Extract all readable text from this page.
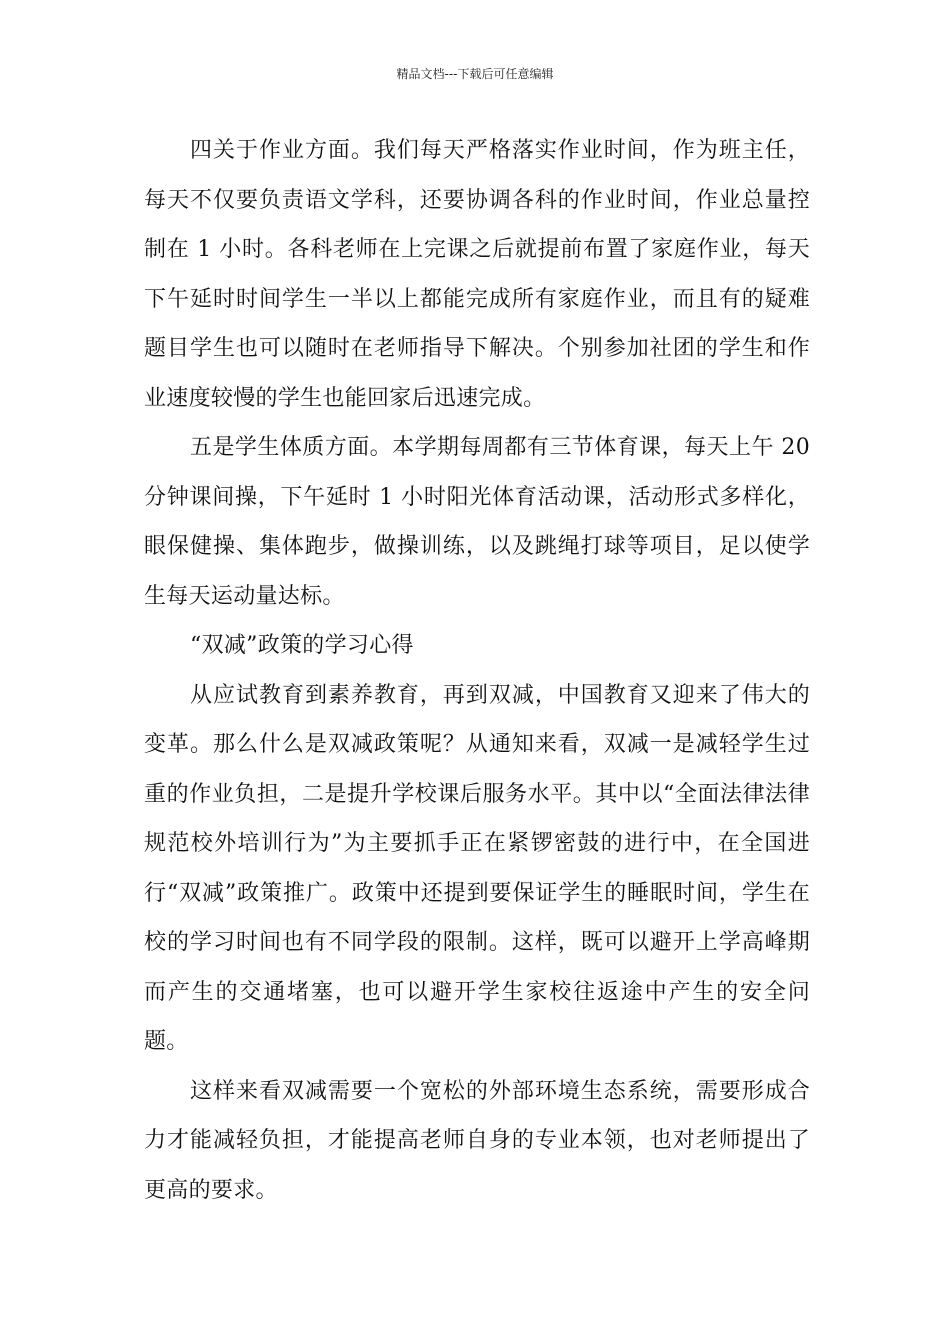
精品文档---下载后可任意编辑

四关于作业方面。我们每天严格落实作业时间，作为班主任，每天不仅要负责语文学科，还要协调各科的作业时间，作业总量控制在 1 小时。各科老师在上完课之后就提前布置了家庭作业，每天下午延时时间学生一半以上都能完成所有家庭作业，而且有的疑难题目学生也可以随时在老师指导下解决。个别参加社团的学生和作业速度较慢的学生也能回家后迅速完成。

五是学生体质方面。本学期每周都有三节体育课，每天上午 20 分钟课间操，下午延时 1 小时阳光体育活动课，活动形式多样化，眼保健操、集体跑步，做操训练，以及跳绳打球等项目，足以使学生每天运动量达标。

“双减”政策的学习心得

从应试教育到素养教育，再到双减，中国教育又迎来了伟大的变革。那么什么是双减政策呢？从通知来看，双减一是减轻学生过重的作业负担，二是提升学校课后服务水平。其中以“全面法律法律规范校外培训行为”为主要抓手正在紧锣密鼓的进行中，在全国进行“双减”政策推广。政策中还提到要保证学生的睡眠时间，学生在校的学习时间也有不同学段的限制。这样，既可以避开上学高峰期而产生的交通堵塞，也可以避开学生家校往返途中产生的安全问题。

这样来看双减需要一个宽松的外部环境生态系统，需要形成合力才能减轻负担，才能提高老师自身的专业本领，也对老师提出了更高的要求。
